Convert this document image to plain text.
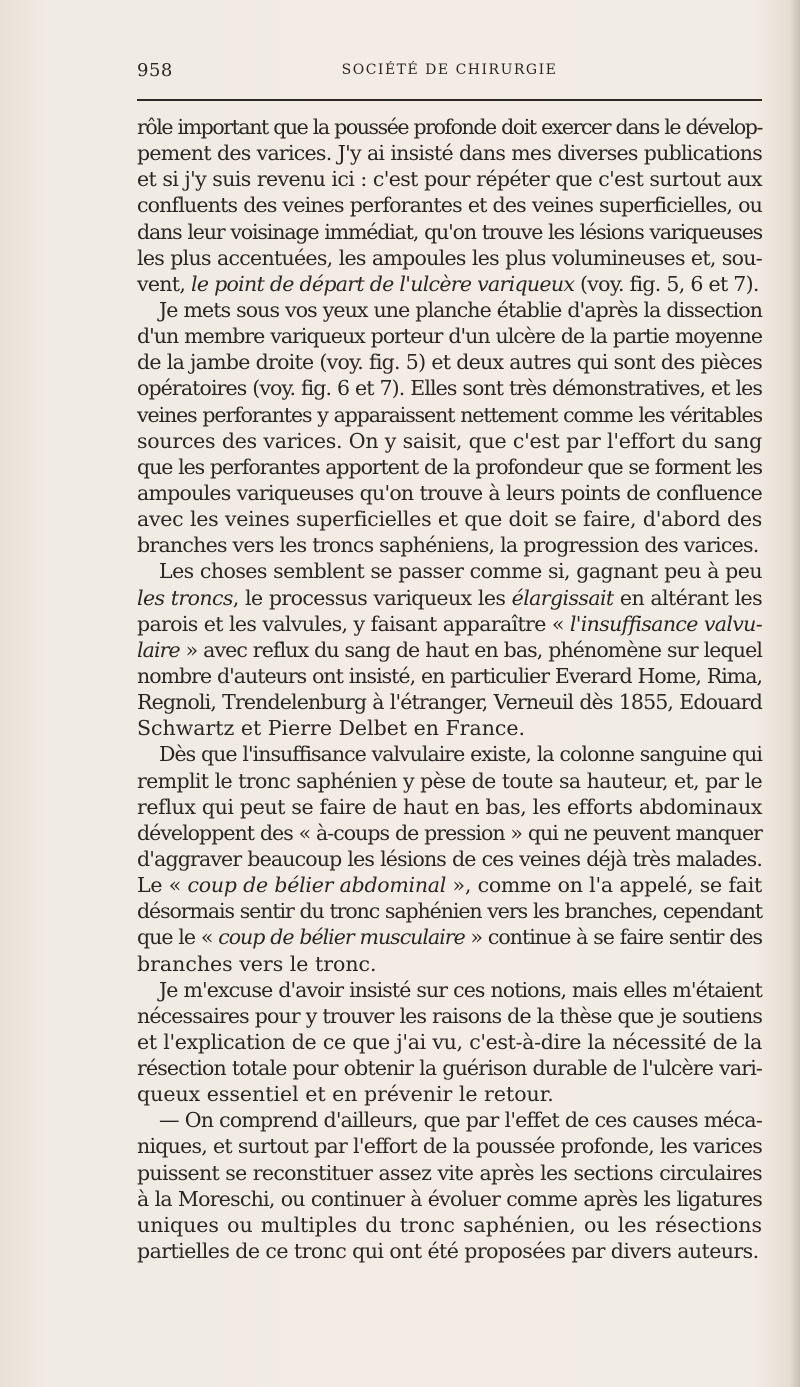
958	SOCIÉTÉ DE CHIRURGIE
rôle important que la poussée profonde doit exercer dans le dévelop-
pement des varices. J'y ai insisté dans mes diverses publications
et si j'y suis revenu ici : c'est pour répéter que c'est surtout aux
confluents des veines perforantes et des veines superficielles, ou
dans leur voisinage immédiat, qu'on trouve les lésions variqueuses
les plus accentuées, les ampoules les plus volumineuses et, sou-
vent, le point de départ de l'ulcère variqueux (voy. fig. 5, 6 et 7).
Je mets sous vos yeux une planche établie d'après la dissection
d'un membre variqueux porteur d'un ulcère de la partie moyenne
de la jambe droite (voy. fig. 5) et deux autres qui sont des pièces
opératoires (voy. fig. 6 et 7). Elles sont très démonstratives, et les
veines perforantes y apparaissent nettement comme les véritables
sources des varices. On y saisit, que c'est par l'effort du sang
que les perforantes apportent de la profondeur que se forment les
ampoules variqueuses qu'on trouve à leurs points de confluence
avec les veines superficielles et que doit se faire, d'abord des
branches vers les troncs saphéniens, la progression des varices.
Les choses semblent se passer comme si, gagnant peu à peu
les troncs, le processus variqueux les élargissait en altérant les
parois et les valvules, y faisant apparaître « l'insuffisance valvu-
laire » avec reflux du sang de haut en bas, phénomène sur lequel
nombre d'auteurs ont insisté, en particulier Everard Home, Rima,
Regnoli, Trendelenburg à l'étranger, Verneuil dès 1855, Edouard
Schwartz et Pierre Delbet en France.
Dès que l'insuffisance valvulaire existe, la colonne sanguine qui
remplit le tronc saphénien y pèse de toute sa hauteur, et, par le
reflux qui peut se faire de haut en bas, les efforts abdominaux
développent des « à-coups de pression » qui ne peuvent manquer
d'aggraver beaucoup les lésions de ces veines déjà très malades.
Le « coup de bélier abdominal », comme on l'a appelé, se fait
désormais sentir du tronc saphénien vers les branches, cependant
que le « coup de bélier musculaire » continue à se faire sentir des
branches vers le tronc.
Je m'excuse d'avoir insisté sur ces notions, mais elles m'étaient
nécessaires pour y trouver les raisons de la thèse que je soutiens
et l'explication de ce que j'ai vu, c'est-à-dire la nécessité de la
résection totale pour obtenir la guérison durable de l'ulcère vari-
queux essentiel et en prévenir le retour.
— On comprend d'ailleurs, que par l'effet de ces causes méca-
niques, et surtout par l'effort de la poussée profonde, les varices
puissent se reconstituer assez vite après les sections circulaires
à la Moreschi, ou continuer à évoluer comme après les ligatures
uniques ou multiples du tronc saphénien, ou les résections
partielles de ce tronc qui ont été proposées par divers auteurs.
